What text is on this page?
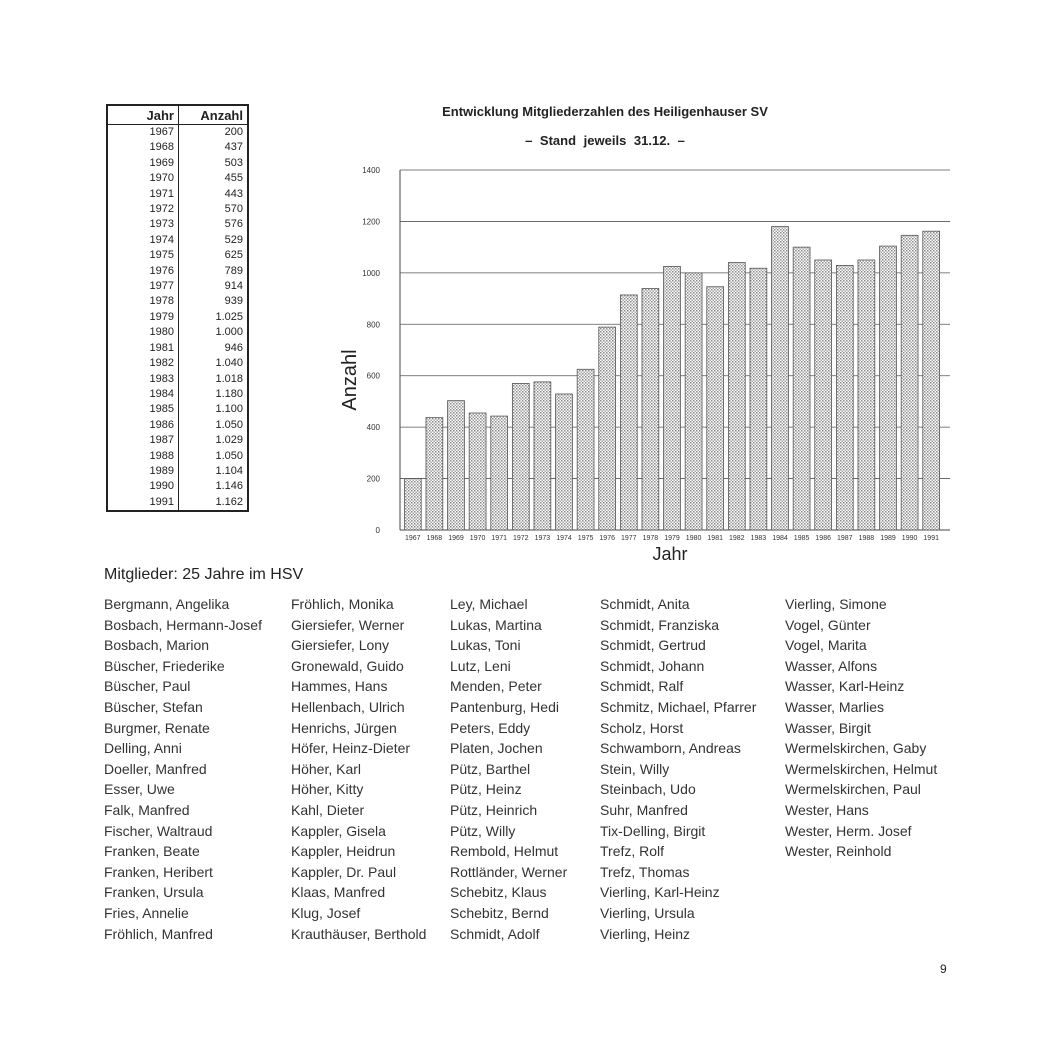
Jahr	Anzahl
1967	200
1968	437
1969	503
1970	455
1971	443
1972	570
1973	576
1974	529
1975	625
1976	789
1977	914
1978	939
1979	1.025
1980	1.000
1981	946
1982	1.040
1983	1.018
1984	1.180
1985	1.100
1986	1.050
1987	1.029
1988	1.050
1989	1.104
1990	1.146
1991	1.162
Entwicklung Mitgliederzahlen des Heiligenhauser SV
– Stand jeweils 31.12. –
0
200
400
600
800
1000
1200
1400
1967 1968 1969 1970 1971 1972 1973 1974 1975 1976 1977 1978 1979 1980 1981 1982 1983 1984 1985 1986 1987 1988 1989 1990 1991
Anzahl
Jahr
Mitglieder: 25 Jahre im HSV
Bergmann, Angelika
Bosbach, Hermann-Josef
Bosbach, Marion
Büscher, Friederike
Büscher, Paul
Büscher, Stefan
Burgmer, Renate
Delling, Anni
Doeller, Manfred
Esser, Uwe
Falk, Manfred
Fischer, Waltraud
Franken, Beate
Franken, Heribert
Franken, Ursula
Fries, Annelie
Fröhlich, Manfred
Fröhlich, Monika
Giersiefer, Werner
Giersiefer, Lony
Gronewald, Guido
Hammes, Hans
Hellenbach, Ulrich
Henrichs, Jürgen
Höfer, Heinz-Dieter
Höher, Karl
Höher, Kitty
Kahl, Dieter
Kappler, Gisela
Kappler, Heidrun
Kappler, Dr. Paul
Klaas, Manfred
Klug, Josef
Krauthäuser, Berthold
Ley, Michael
Lukas, Martina
Lukas, Toni
Lutz, Leni
Menden, Peter
Pantenburg, Hedi
Peters, Eddy
Platen, Jochen
Pütz, Barthel
Pütz, Heinz
Pütz, Heinrich
Pütz, Willy
Rembold, Helmut
Rottländer, Werner
Schebitz, Klaus
Schebitz, Bernd
Schmidt, Adolf
Schmidt, Anita
Schmidt, Franziska
Schmidt, Gertrud
Schmidt, Johann
Schmidt, Ralf
Schmitz, Michael, Pfarrer
Scholz, Horst
Schwamborn, Andreas
Stein, Willy
Steinbach, Udo
Suhr, Manfred
Tix-Delling, Birgit
Trefz, Rolf
Trefz, Thomas
Vierling, Karl-Heinz
Vierling, Ursula
Vierling, Heinz
Vierling, Simone
Vogel, Günter
Vogel, Marita
Wasser, Alfons
Wasser, Karl-Heinz
Wasser, Marlies
Wasser, Birgit
Wermelskirchen, Gaby
Wermelskirchen, Helmut
Wermelskirchen, Paul
Wester, Hans
Wester, Herm. Josef
Wester, Reinhold
9
